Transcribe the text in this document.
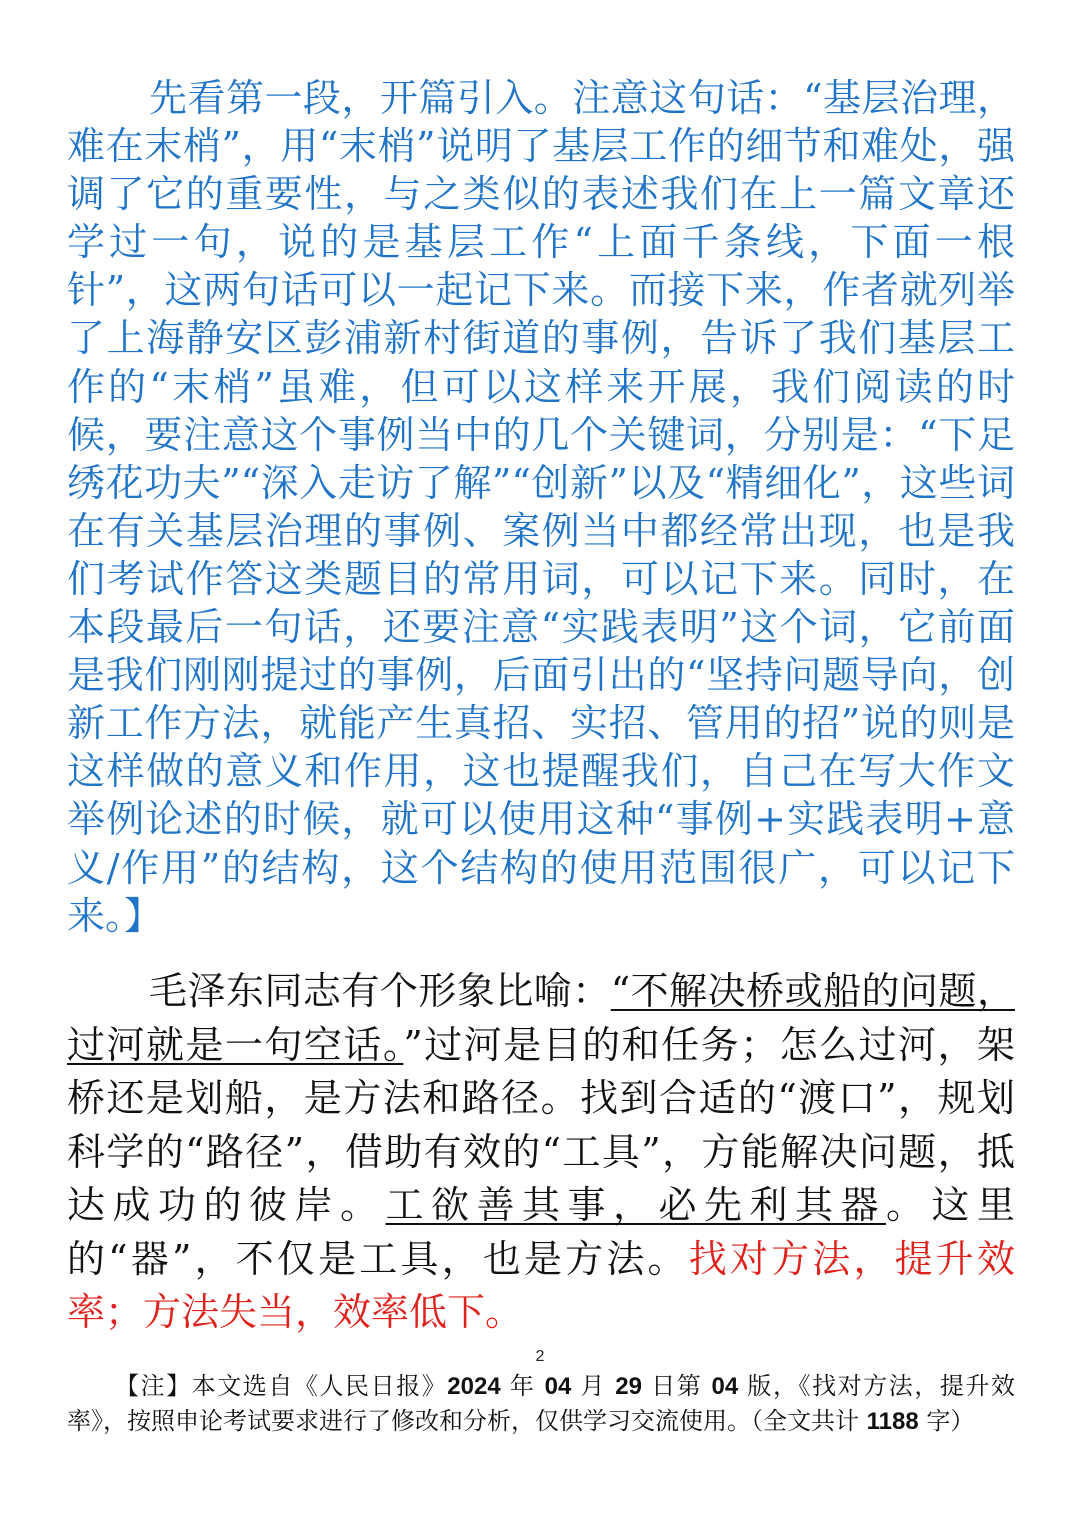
先看第一段，开篇引入。注意这句话：“基层治理，难在末梢”，用“末梢”说明了基层工作的细节和难处，强调了它的重要性，与之类似的表述我们在上一篇文章还学过一句，说的是基层工作“上面千条线，下面一根针”，这两句话可以一起记下来。而接下来，作者就列举了上海静安区彭浦新村街道的事例，告诉了我们基层工作的“末梢”虽难，但可以这样来开展，我们阅读的时候，要注意这个事例当中的几个关键词，分别是：“下足绣花功夫”“深入走访了解”“创新”以及“精细化”，这些词在有关基层治理的事例、案例当中都经常出现，也是我们考试作答这类题目的常用词，可以记下来。同时，在本段最后一句话，还要注意“实践表明”这个词，它前面是我们刚刚提过的事例，后面引出的“坚持问题导向，创新工作方法，就能产生真招、实招、管用的招”说的则是这样做的意义和作用，这也提醒我们，自己在写大作文举例论述的时候，就可以使用这种“事例+实践表明+意义/作用”的结构，这个结构的使用范围很广，可以记下来。】

毛泽东同志有个形象比喻：“不解决桥或船的问题，过河就是一句空话。”过河是目的和任务；怎么过河，架桥还是划船，是方法和路径。找到合适的“渡口”，规划科学的“路径”，借助有效的“工具”，方能解决问题，抵达成功的彼岸。工欲善其事，必先利其器。这里的“器”，不仅是工具，也是方法。找对方法，提升效率；方法失当，效率低下。

2

【注】本文选自《人民日报》2024 年 04 月 29 日第 04 版，《找对方法，提升效率》，按照申论考试要求进行了修改和分析，仅供学习交流使用。（全文共计 1188 字）
